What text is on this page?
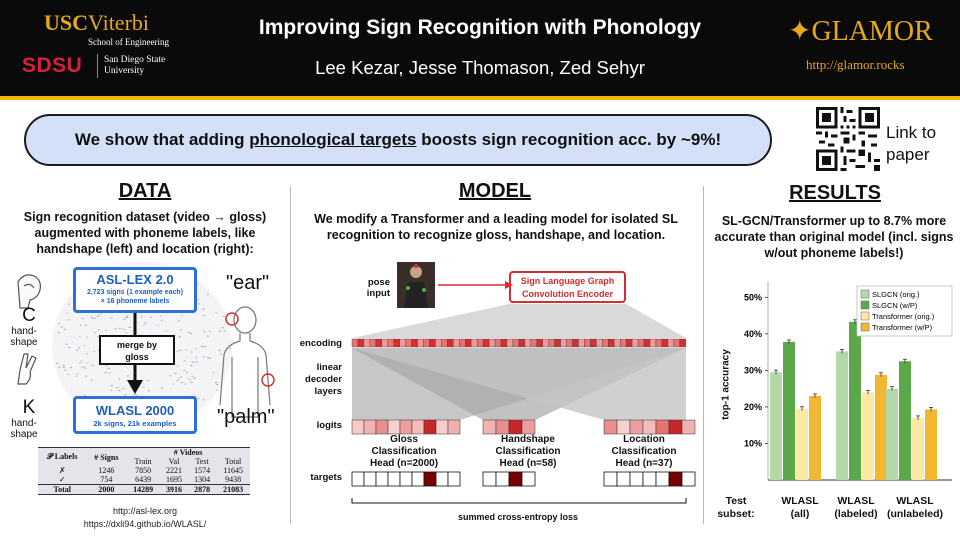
USCViterbi
School of Engineering
SDSU San Diego State University
Improving Sign Recognition with Phonology
Lee Kezar, Jesse Thomason, Zed Sehyr
✦GLAMOR
http://glamor.rocks
We show that adding phonological targets boosts sign recognition acc. by ~9%!	Link to
paper
DATA
Sign recognition dataset (video → gloss) augmented with phoneme labels, like handshape (left) and location (right):
C
hand-
shape
K
hand-
shape
"ear"
"palm"
ASL-LEX 2.0
2,723 signs (1 example each)
× 16 phoneme labels
merge by
gloss
WLASL 2000
2k signs, 21k examples
𝒫 Labels	# Signs	# Videos			
		Train	Val	Test	Total
✗	1246	7850	2221	1574	11645
✓	754	6439	1695	1304	9438
Total	2000	14289	3916	2878	21083
http://asl-lex.org
https://dxli94.github.io/WLASL/
MODEL
We modify a Transformer and a leading model for isolated SL recognition to recognize gloss, handshape, and location.
pose
input
Sign Language Graph
Convolution Encoder
encoding
linear
decoder
layers
logits
targets
Gloss
Classification
Head (n=2000)
Handshape
Classification
Head (n=58)
Location
Classification
Head (n=37)
summed cross-entropy loss
RESULTS
SL-GCN/Transformer up to 8.7% more accurate than original model (incl. signs w/out phoneme labels!)
top-1 accuracy
10%
20%
30%
40%
50%	SLGCN (orig.)
SLGCN (w/P)
Transformer (orig.)
Transformer (w/P)
Test
subset:
WLASL
(all)
WLASL
(labeled)
WLASL
(unlabeled)
